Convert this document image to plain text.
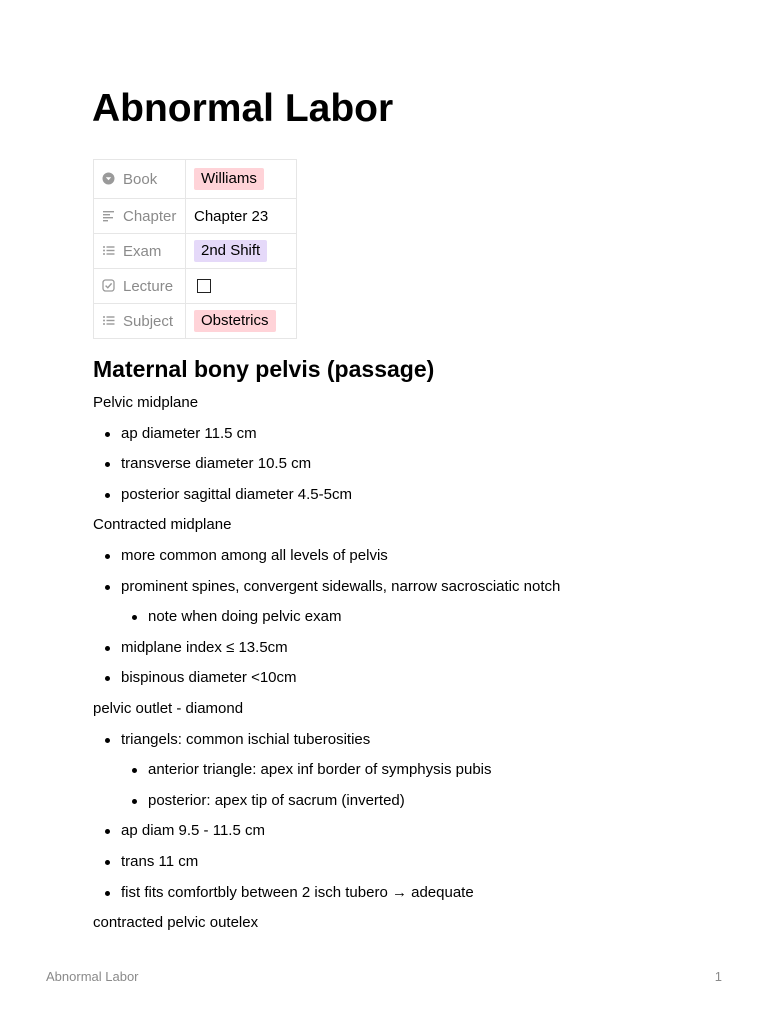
Abnormal Labor
Book	Williams
Chapter	Chapter 23
Exam	2nd Shift
Lecture	
Subject	Obstetrics
Maternal bony pelvis (passage)
Pelvic midplane
ap diameter 11.5 cm
transverse diameter 10.5 cm
posterior sagittal diameter 4.5-5cm
Contracted midplane
more common among all levels of pelvis
prominent spines, convergent sidewalls, narrow sacrosciatic notch
note when doing pelvic exam
midplane index ≤ 13.5cm
bispinous diameter <10cm
pelvic outlet - diamond
triangels: common ischial tuberosities
anterior triangle: apex inf border of symphysis pubis
posterior: apex tip of sacrum (inverted)
ap diam 9.5 - 11.5 cm
trans 11 cm
fist fits comfortbly between 2 isch tubero → adequate
contracted pelvic outelex
Abnormal Labor	1
